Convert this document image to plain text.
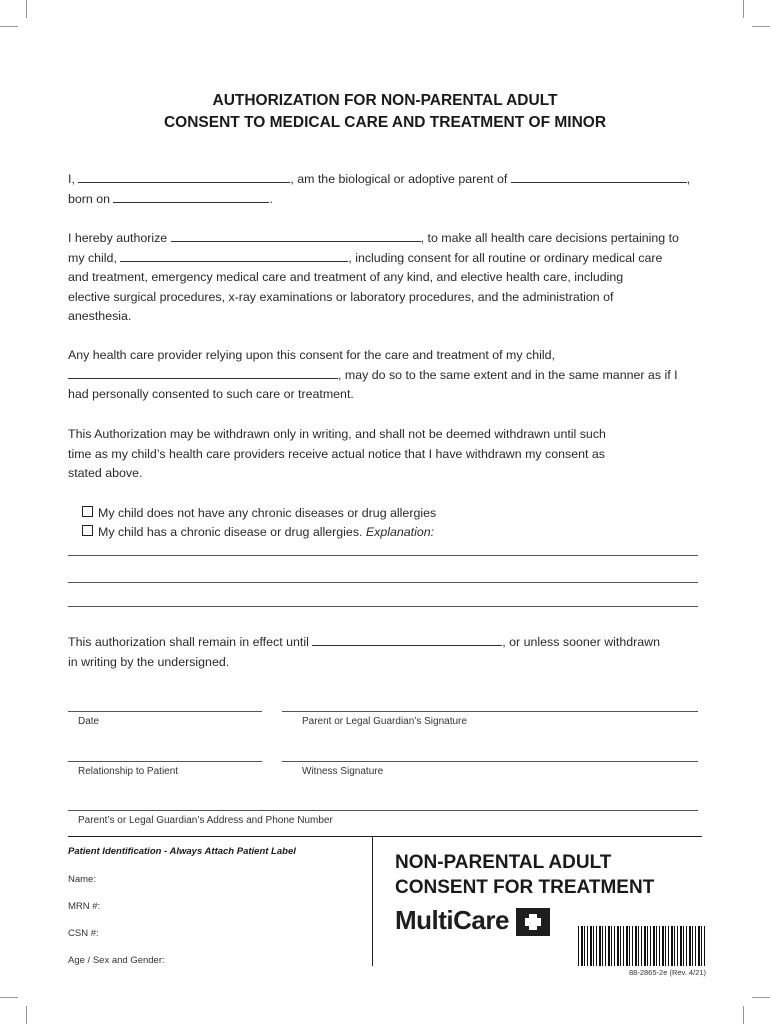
AUTHORIZATION FOR NON-PARENTAL ADULT
CONSENT TO MEDICAL CARE AND TREATMENT OF MINOR
I,	, am the biological or adoptive parent of	,
born on	.
I hereby authorize	, to make all health care decisions pertaining to
my child,	, including consent for all routine or ordinary medical care
and treatment, emergency medical care and treatment of any kind, and elective health care, including
elective surgical procedures, x-ray examinations or laboratory procedures, and the administration of
anesthesia.
Any health care provider relying upon this consent for the care and treatment of my child,
, may do so to the same extent and in the same manner as if I
had personally consented to such care or treatment.
This Authorization may be withdrawn only in writing, and shall not be deemed withdrawn until such
time as my child’s health care providers receive actual notice that I have withdrawn my consent as
stated above.
My child does not have any chronic diseases or drug allergies
My child has a chronic disease or drug allergies. Explanation:
This authorization shall remain in effect until	, or unless sooner withdrawn
in writing by the undersigned.
Date	Parent or Legal Guardian’s Signature
Relationship to Patient	Witness Signature
Parent’s or Legal Guardian’s Address and Phone Number
Patient Identification - Always Attach Patient Label
Name:
MRN #:
CSN #:
Age / Sex and Gender:
NON-PARENTAL ADULT
CONSENT FOR TREATMENT
MultiCare
88-2865-2e (Rev. 4/21)
